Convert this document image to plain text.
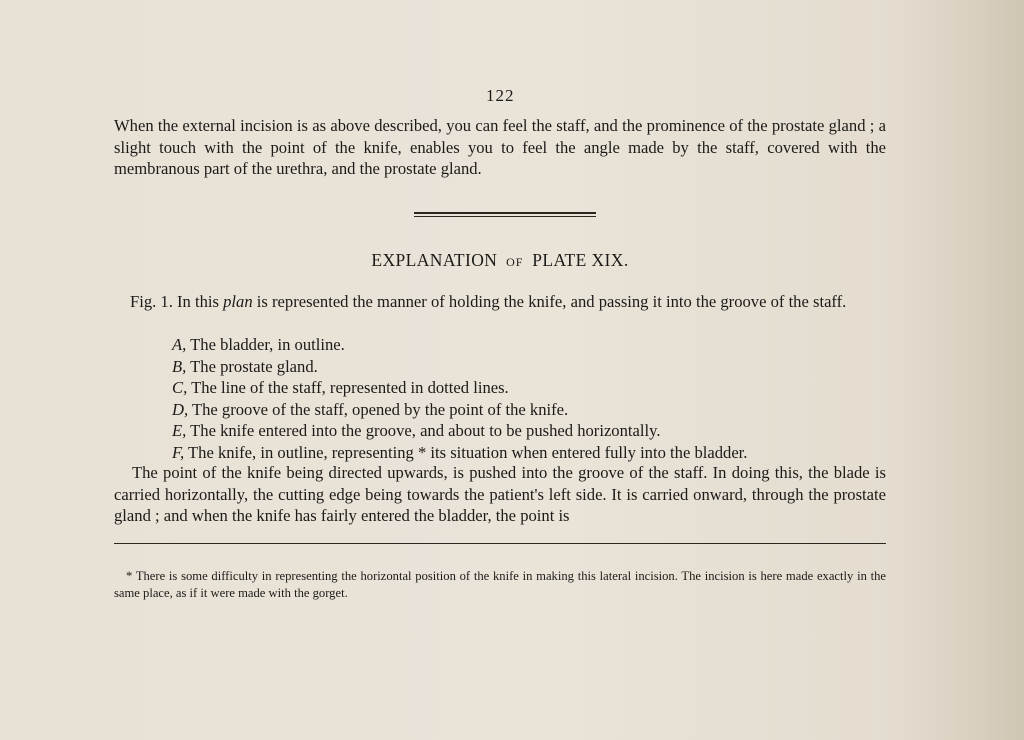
122
When the external incision is as above described, you can feel the staff, and the prominence of the prostate gland ; a slight touch with the point of the knife, enables you to feel the angle made by the staff, covered with the membranous part of the urethra, and the prostate gland.
EXPLANATION OF PLATE XIX.
Fig. 1. In this plan is represented the manner of holding the knife, and passing it into the groove of the staff.
A, The bladder, in outline.
B, The prostate gland.
C, The line of the staff, represented in dotted lines.
D, The groove of the staff, opened by the point of the knife.
E, The knife entered into the groove, and about to be pushed horizontally.
F, The knife, in outline, representing * its situation when entered fully into the bladder.
The point of the knife being directed upwards, is pushed into the groove of the staff. In doing this, the blade is carried horizontally, the cutting edge being towards the patient's left side. It is carried onward, through the prostate gland ; and when the knife has fairly entered the bladder, the point is
* There is some difficulty in representing the horizontal position of the knife in making this lateral incision. The incision is here made exactly in the same place, as if it were made with the gorget.
